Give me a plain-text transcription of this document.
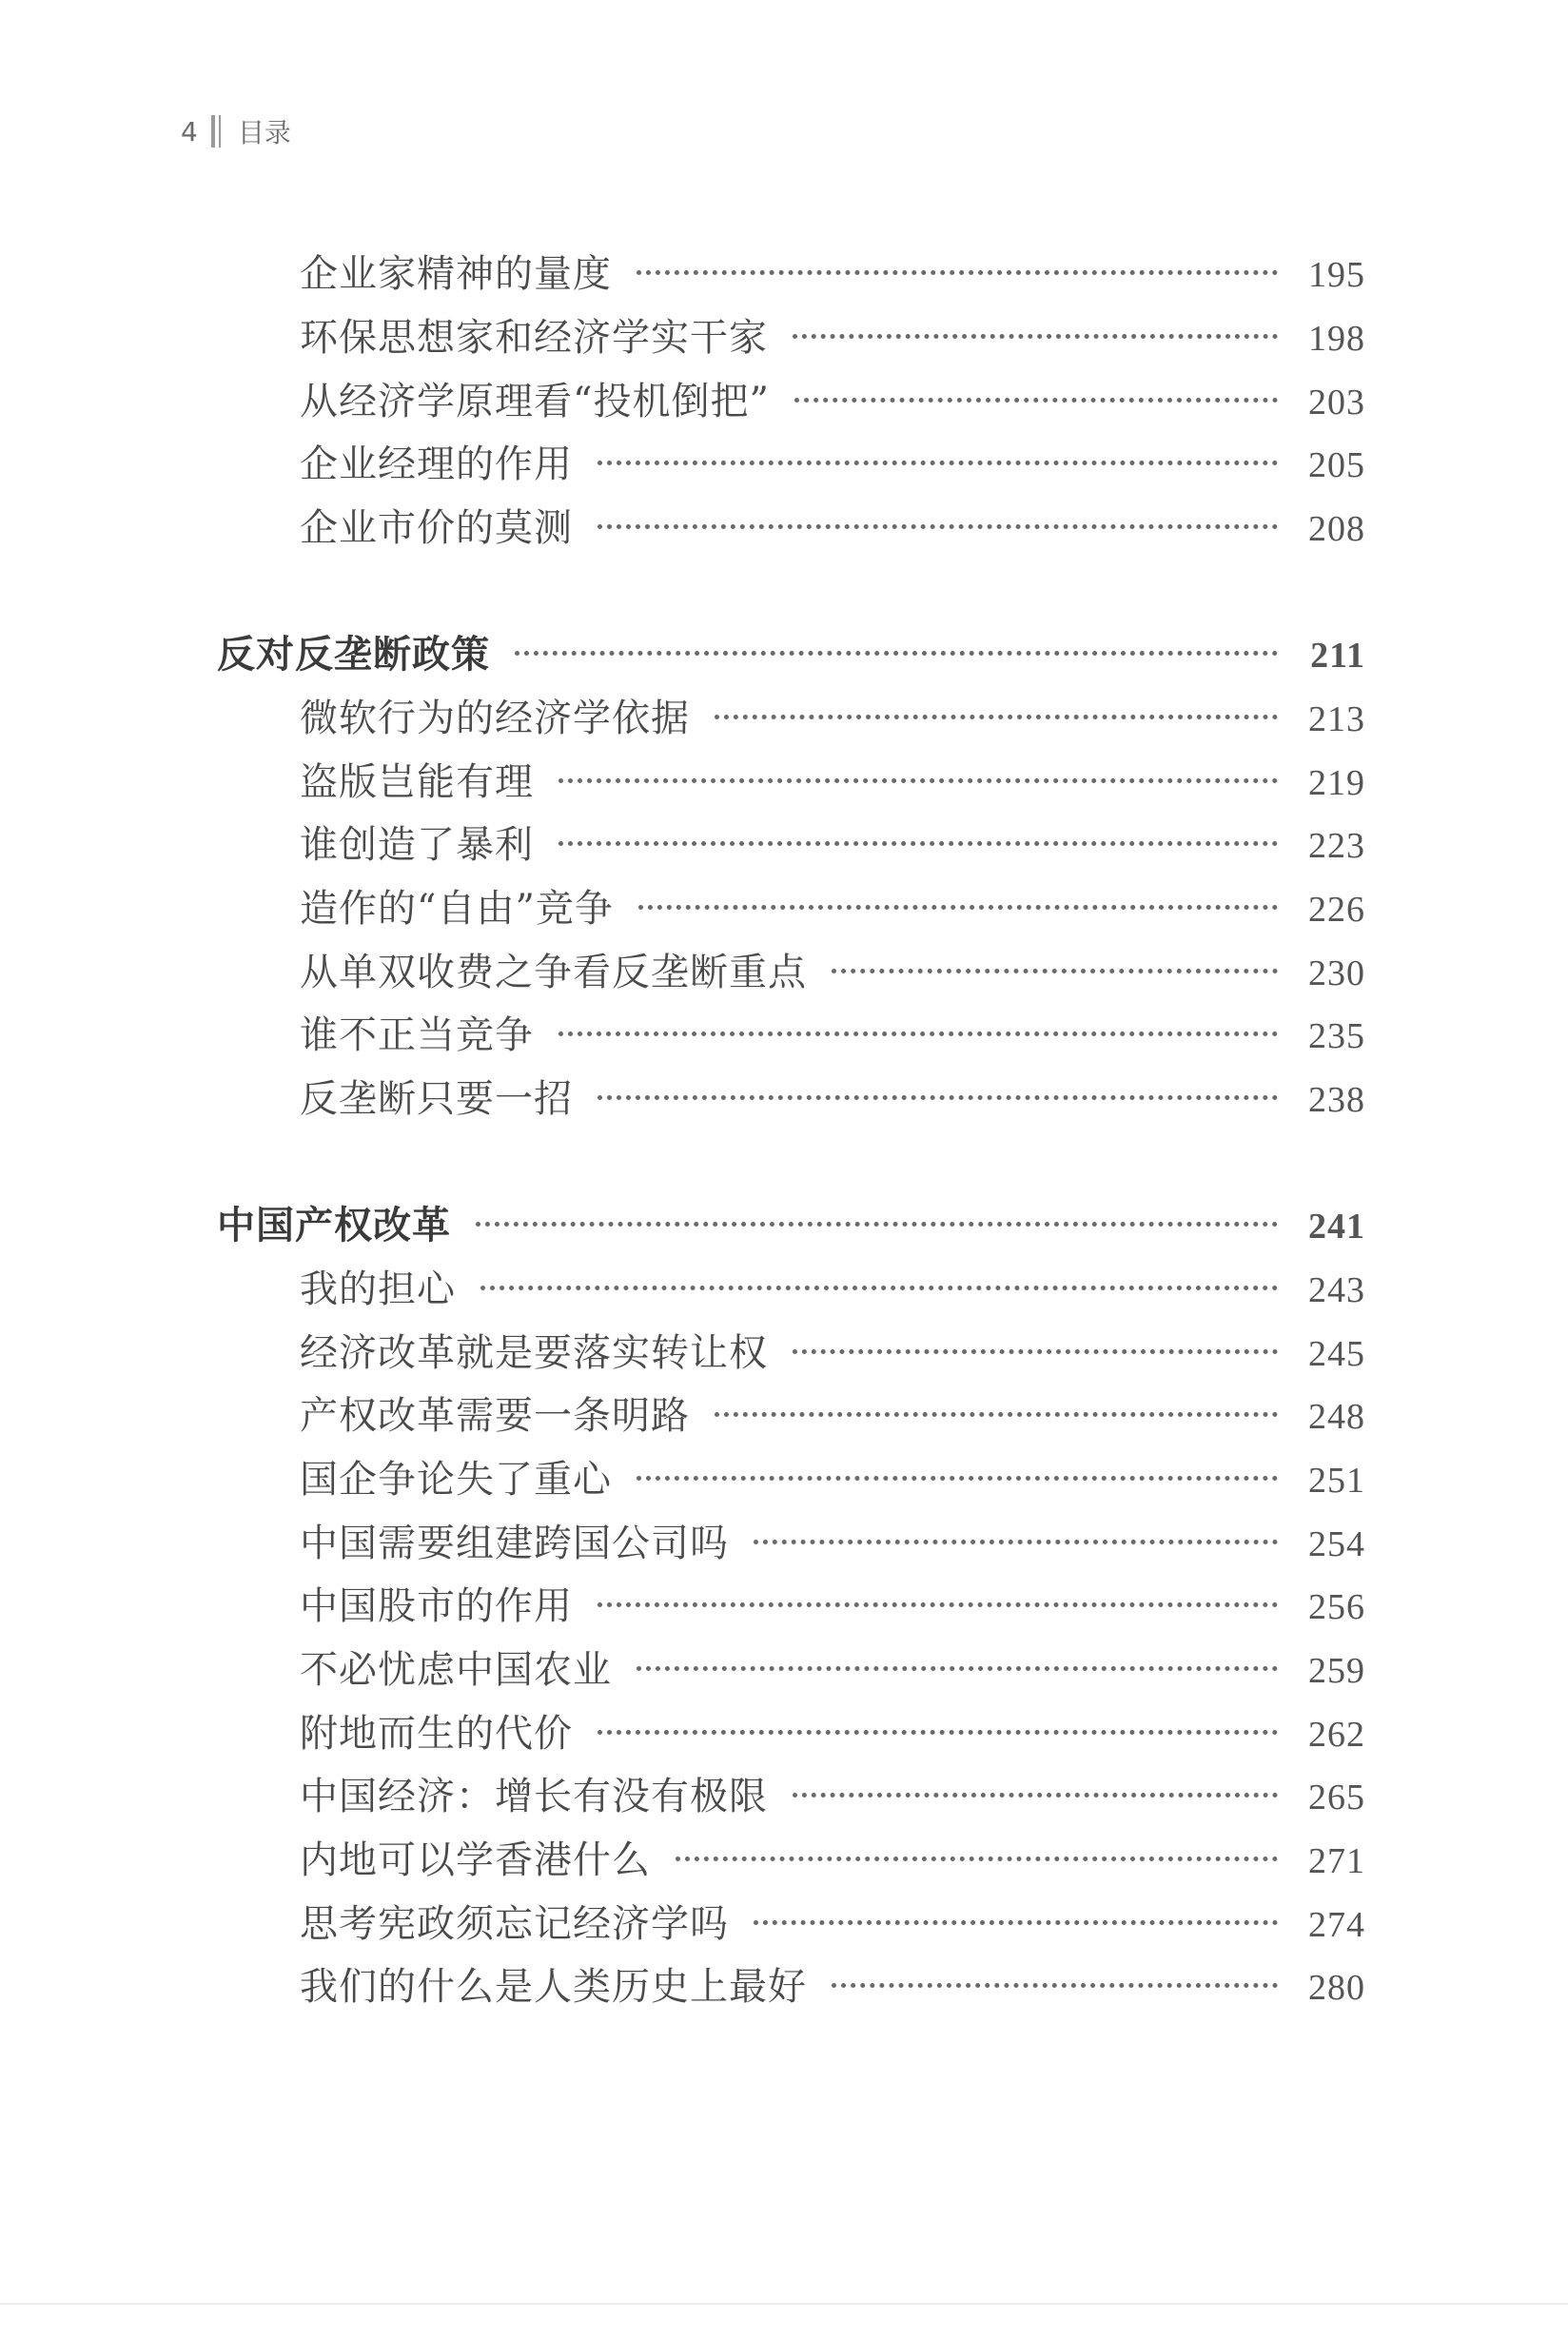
4 目录
企业家精神的量度	195
环保思想家和经济学实干家	198
从经济学原理看“投机倒把”	203
企业经理的作用	205
企业市价的莫测	208
反对反垄断政策	211
微软行为的经济学依据	213
盗版岂能有理	219
谁创造了暴利	223
造作的“自由”竞争	226
从单双收费之争看反垄断重点	230
谁不正当竞争	235
反垄断只要一招	238
中国产权改革	241
我的担心	243
经济改革就是要落实转让权	245
产权改革需要一条明路	248
国企争论失了重心	251
中国需要组建跨国公司吗	254
中国股市的作用	256
不必忧虑中国农业	259
附地而生的代价	262
中国经济：增长有没有极限	265
内地可以学香港什么	271
思考宪政须忘记经济学吗	274
我们的什么是人类历史上最好	280
